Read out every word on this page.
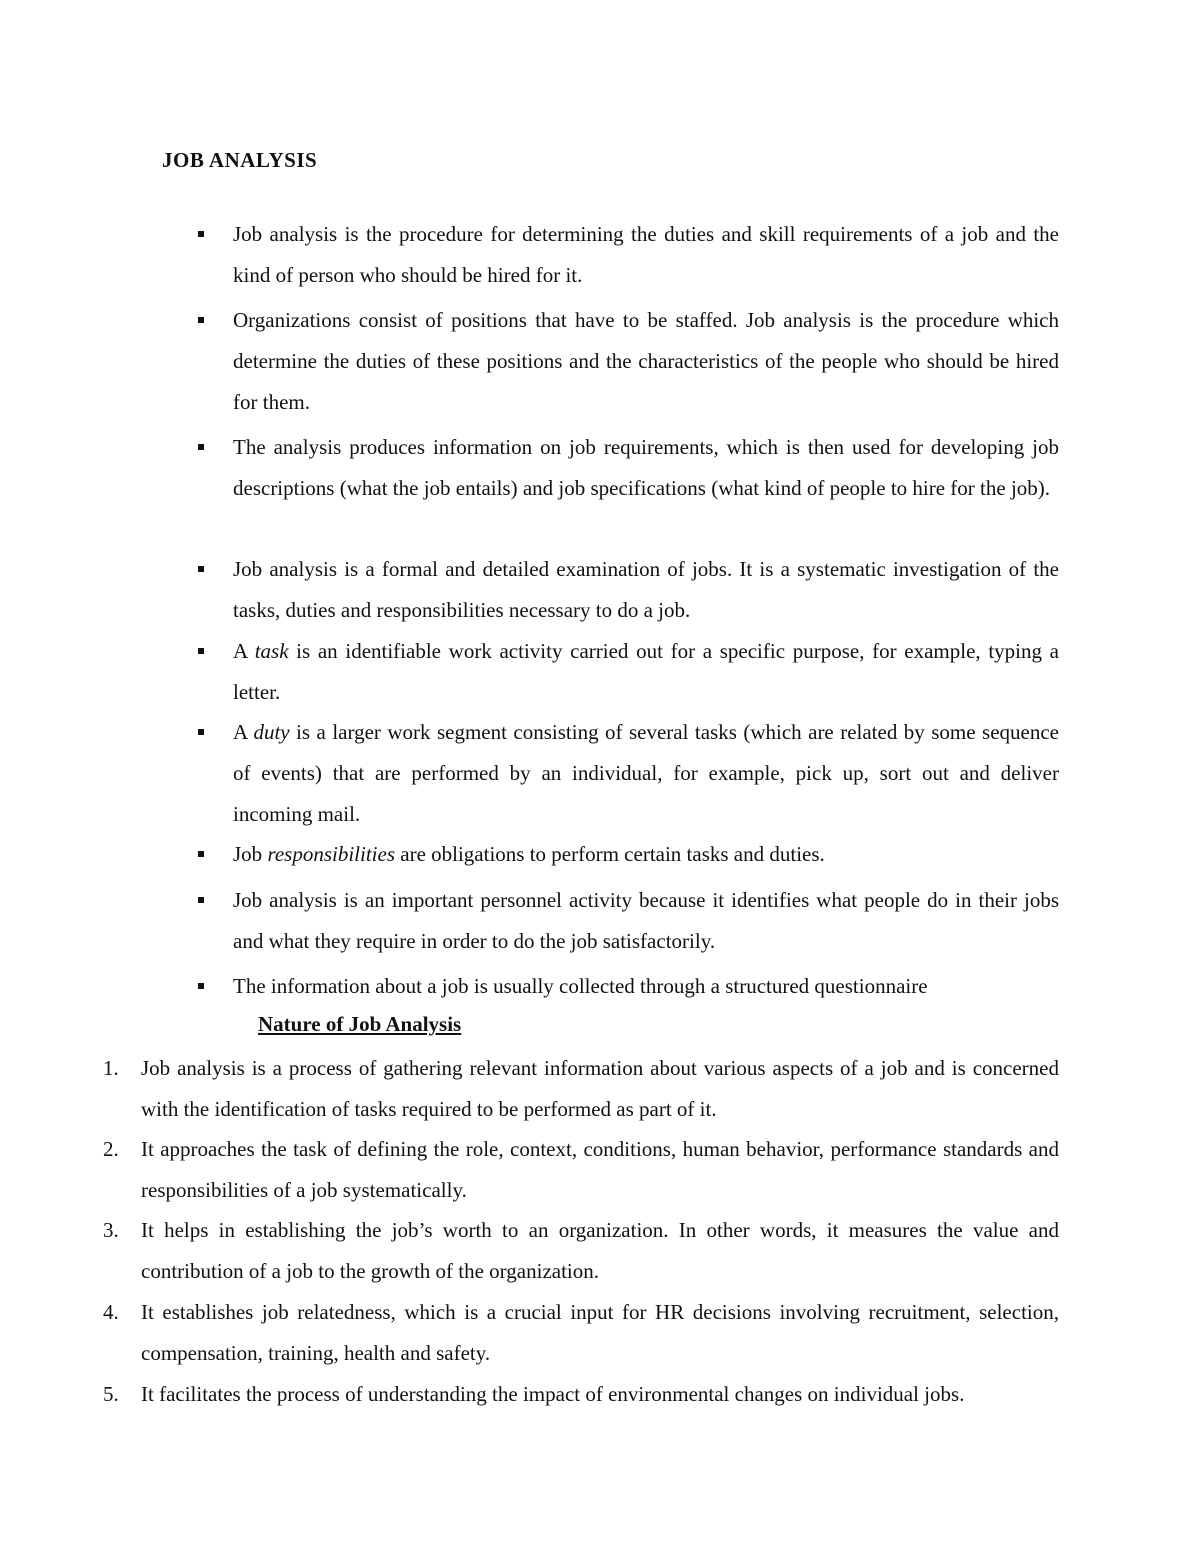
JOB ANALYSIS
Job analysis is the procedure for determining the duties and skill requirements of a job and the kind of person who should be hired for it.
Organizations consist of positions that have to be staffed. Job analysis is the procedure which determine the duties of these positions and the characteristics of the people who should be hired for them.
The analysis produces information on job requirements, which is then used for developing job descriptions (what the job entails) and job specifications (what kind of people to hire for the job).
Job analysis is a formal and detailed examination of jobs. It is a systematic investigation of the tasks, duties and responsibilities necessary to do a job.
A task is an identifiable work activity carried out for a specific purpose, for example, typing a letter.
A duty is a larger work segment consisting of several tasks (which are related by some sequence of events) that are performed by an individual, for example, pick up, sort out and deliver incoming mail.
Job responsibilities are obligations to perform certain tasks and duties.
Job analysis is an important personnel activity because it identifies what people do in their jobs and what they require in order to do the job satisfactorily.
The information about a job is usually collected through a structured questionnaire
Nature of Job Analysis
1. Job analysis is a process of gathering relevant information about various aspects of a job and is concerned with the identification of tasks required to be performed as part of it.
2. It approaches the task of defining the role, context, conditions, human behavior, performance standards and responsibilities of a job systematically.
3. It helps in establishing the job’s worth to an organization. In other words, it measures the value and contribution of a job to the growth of the organization.
4. It establishes job relatedness, which is a crucial input for HR decisions involving recruitment, selection, compensation, training, health and safety.
5. It facilitates the process of understanding the impact of environmental changes on individual jobs.
